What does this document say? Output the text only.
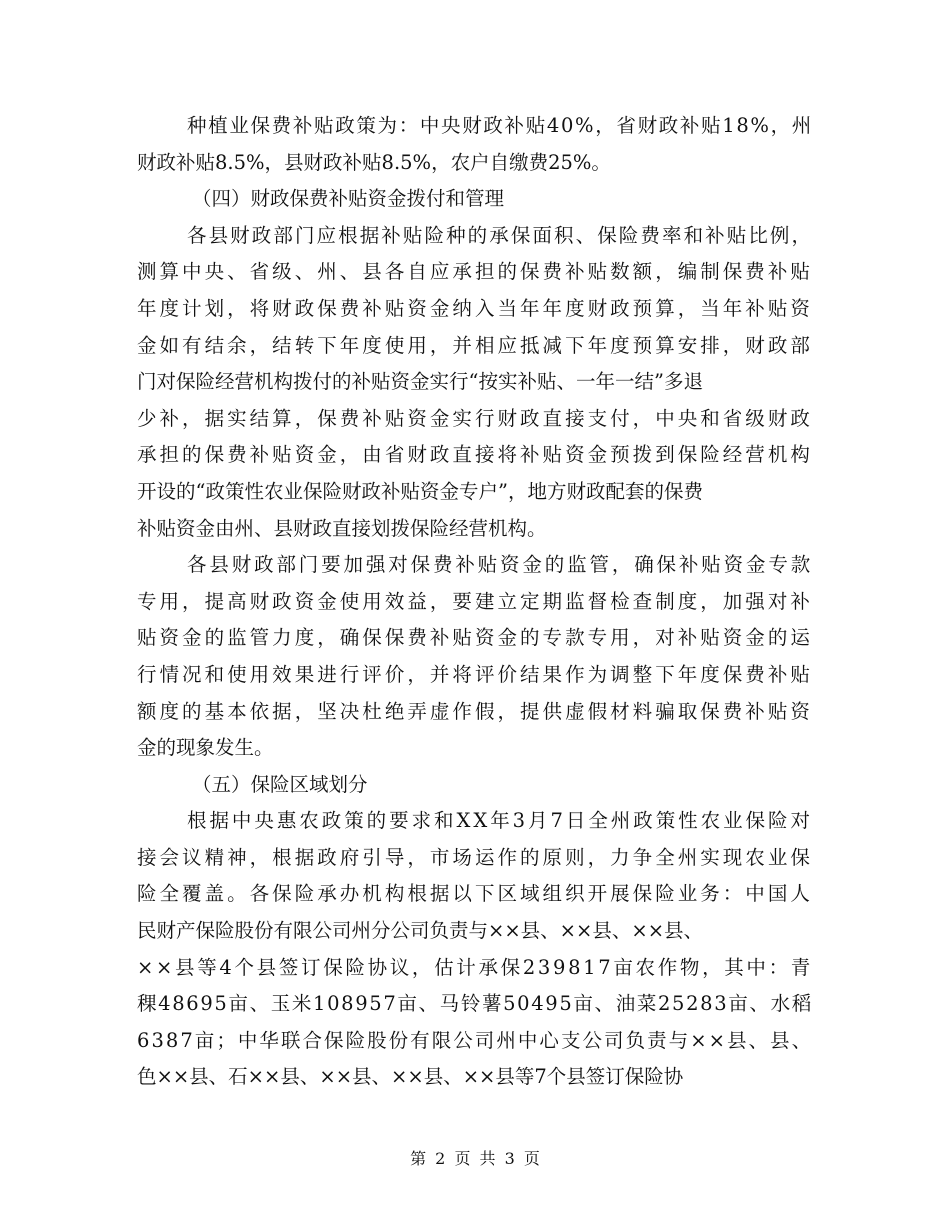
种植业保费补贴政策为：中央财政补贴40%，省财政补贴18%，州
财政补贴8.5%，县财政补贴8.5%，农户自缴费25%。
（四）财政保费补贴资金拨付和管理
各县财政部门应根据补贴险种的承保面积、保险费率和补贴比例，
测算中央、省级、州、县各自应承担的保费补贴数额，编制保费补贴
年度计划，将财政保费补贴资金纳入当年年度财政预算，当年补贴资
金如有结余，结转下年度使用，并相应抵减下年度预算安排，财政部
门对保险经营机构拨付的补贴资金实行“按实补贴、一年一结”多退
少补，据实结算，保费补贴资金实行财政直接支付，中央和省级财政
承担的保费补贴资金，由省财政直接将补贴资金预拨到保险经营机构
开设的“政策性农业保险财政补贴资金专户”，地方财政配套的保费
补贴资金由州、县财政直接划拨保险经营机构。
各县财政部门要加强对保费补贴资金的监管，确保补贴资金专款
专用，提高财政资金使用效益，要建立定期监督检查制度，加强对补
贴资金的监管力度，确保保费补贴资金的专款专用，对补贴资金的运
行情况和使用效果进行评价，并将评价结果作为调整下年度保费补贴
额度的基本依据，坚决杜绝弄虚作假，提供虚假材料骗取保费补贴资
金的现象发生。
（五）保险区域划分
根据中央惠农政策的要求和XX年3月7日全州政策性农业保险对
接会议精神，根据政府引导，市场运作的原则，力争全州实现农业保
险全覆盖。各保险承办机构根据以下区域组织开展保险业务：中国人
民财产保险股份有限公司州分公司负责与××县、××县、××县、
××县等4个县签订保险协议，估计承保239817亩农作物，其中：青
稞48695亩、玉米108957亩、马铃薯50495亩、油菜25283亩、水稻
6387亩；中华联合保险股份有限公司州中心支公司负责与××县、县、
色××县、石××县、××县、××县、××县等7个县签订保险协
第 2 页 共 3 页
